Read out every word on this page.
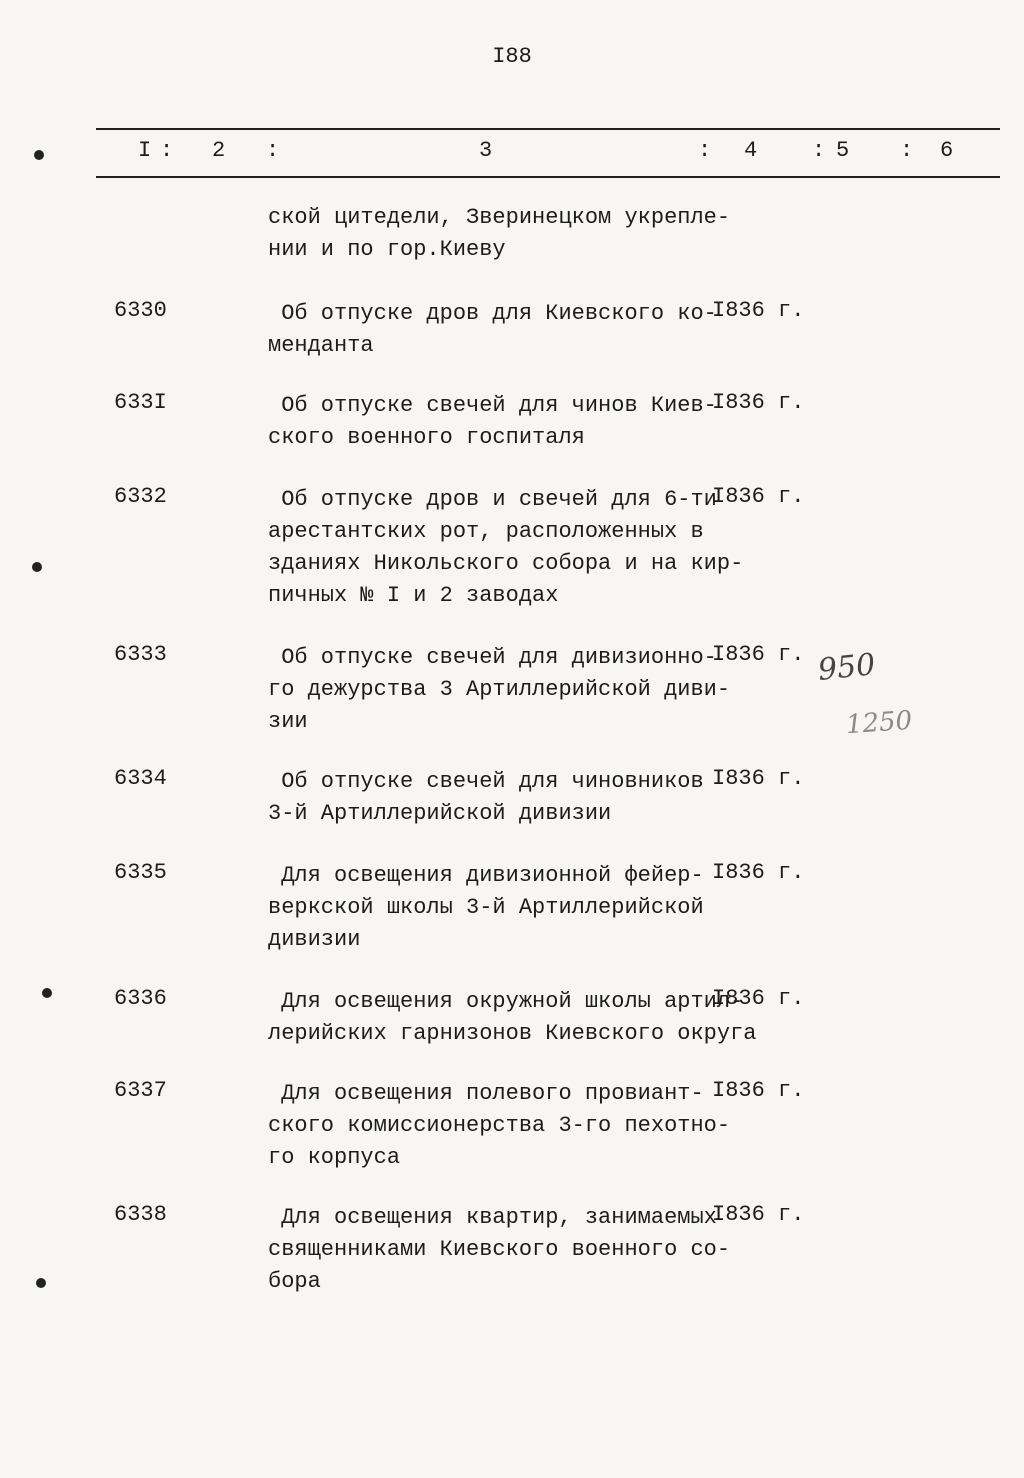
I88
I : 2 :	3	: 4 : 5 : 6
ской цитедели, Зверинецком укрепле-
нии и по гор.Киеву
6330	Об отпуске дров для Киевского ко-
менданта
I836 г.
633I	Об отпуске свечей для чинов Киев-
ского военного госпиталя
I836 г.
6332	Об отпуске дров и свечей для 6-ти
арестантских рот, расположенных в
зданиях Никольского собора и на кир-
пичных № I и 2 заводах
I836 г.
6333	Об отпуске свечей для дивизионно-
го дежурства 3 Артиллерийской диви-
зии
I836 г.
6334	Об отпуске свечей для чиновников
3-й Артиллерийской дивизии
I836 г.
6335	Для освещения дивизионной фейер-
веркской школы 3-й Артиллерийской
дивизии
I836 г.
6336	Для освещения окружной школы артил-
лерийских гарнизонов Киевского округа
I836 г.
6337	Для освещения полевого провиант-
ского комиссионерства 3-го пехотно-
го корпуса
I836 г.
6338	Для освещения квартир, занимаемых
священниками Киевского военного со-
бора
I836 г.
950
1250
